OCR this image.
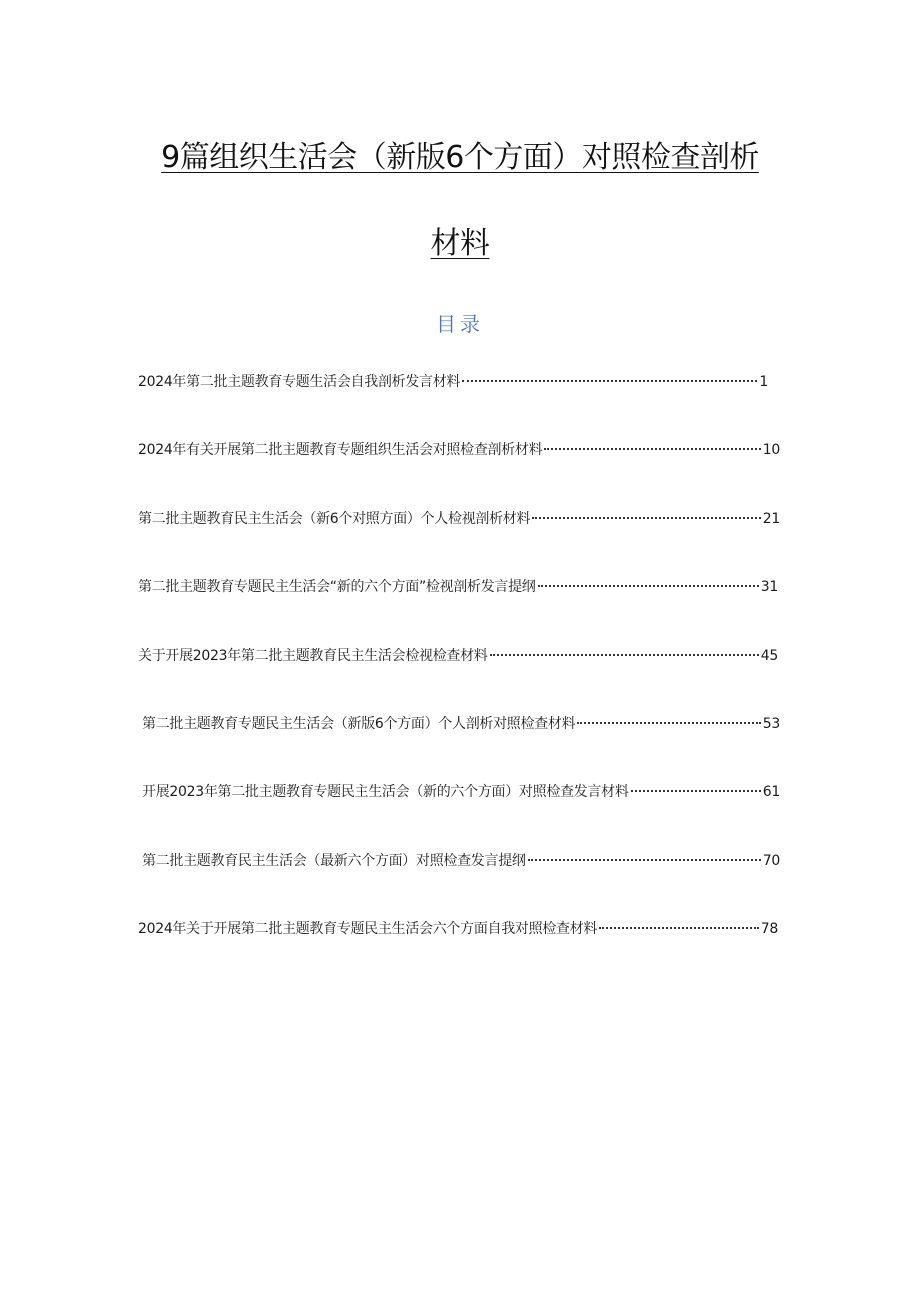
9篇组织生活会（新版6个方面）对照检查剖析
材料
目录
2024年第二批主题教育专题生活会自我剖析发言材料	1
2024年有关开展第二批主题教育专题组织生活会对照检查剖析材料	10
第二批主题教育民主生活会（新6个对照方面）个人检视剖析材料	21
第二批主题教育专题民主生活会“新的六个方面”检视剖析发言提纲	31
关于开展2023年第二批主题教育民主生活会检视检查材料	45
第二批主题教育专题民主生活会（新版6个方面）个人剖析对照检查材料	53
开展2023年第二批主题教育专题民主生活会（新的六个方面）对照检查发言材料	61
第二批主题教育民主生活会（最新六个方面）对照检查发言提纲	70
2024年关于开展第二批主题教育专题民主生活会六个方面自我对照检查材料	78
